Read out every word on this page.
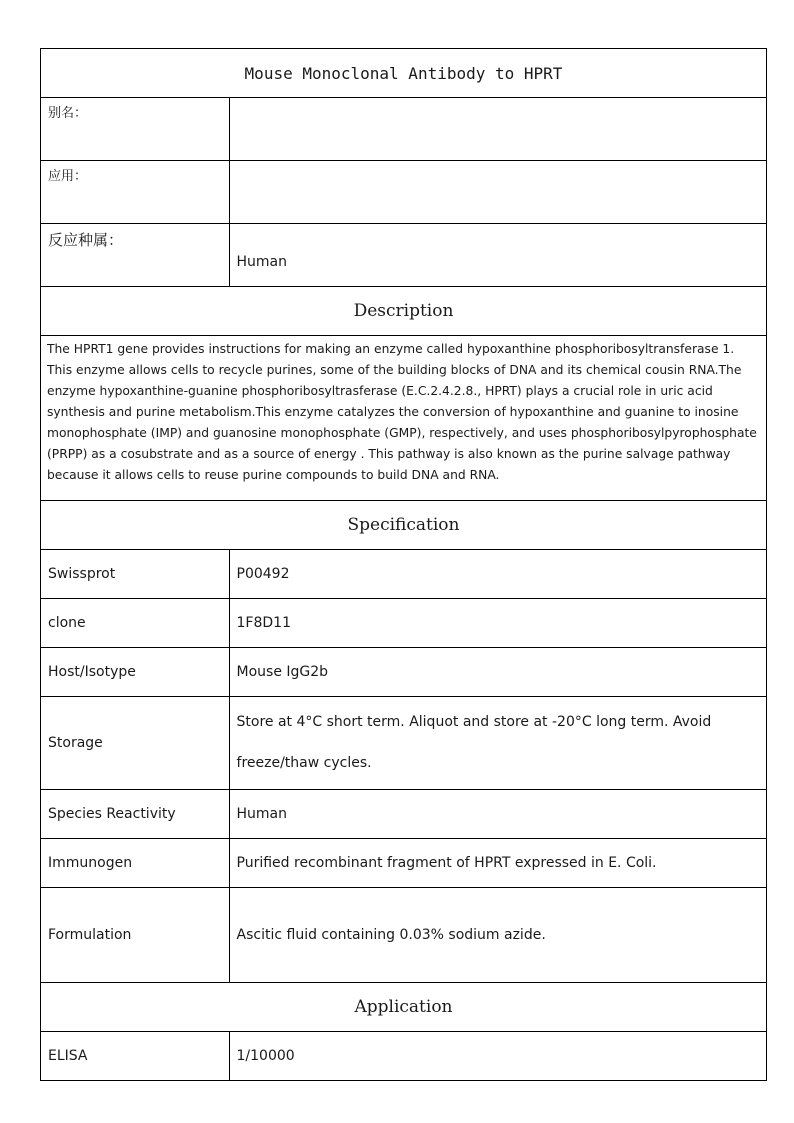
Mouse Monoclonal Antibody to HPRT	
别名：	
应用：	
反应种属：	Human
Description	
The HPRT1 gene provides instructions for making an enzyme called hypoxanthine phosphoribosyltransferase 1. This enzyme allows cells to recycle purines, some of the building blocks of DNA and its chemical cousin RNA.The enzyme hypoxanthine-guanine phosphoribosyltrasferase (E.C.2.4.2.8., HPRT) plays a crucial role in uric acid synthesis and purine metabolism.This enzyme catalyzes the conversion of hypoxanthine and guanine to inosine monophosphate (IMP) and guanosine monophosphate (GMP), respectively, and uses phosphoribosylpyrophosphate (PRPP) as a cosubstrate and as a source of energy . This pathway is also known as the purine salvage pathway because it allows cells to reuse purine compounds to build DNA and RNA.	
Specification	
Swissprot	P00492
clone	1F8D11
Host/Isotype	Mouse IgG2b
Storage	Store at 4°C short term. Aliquot and store at -20°C long term. Avoid freeze/thaw cycles.
Species Reactivity	Human
Immunogen	Purified recombinant fragment of HPRT expressed in E. Coli.
Formulation	Ascitic fluid containing 0.03% sodium azide.
Application	
ELISA	1/10000
